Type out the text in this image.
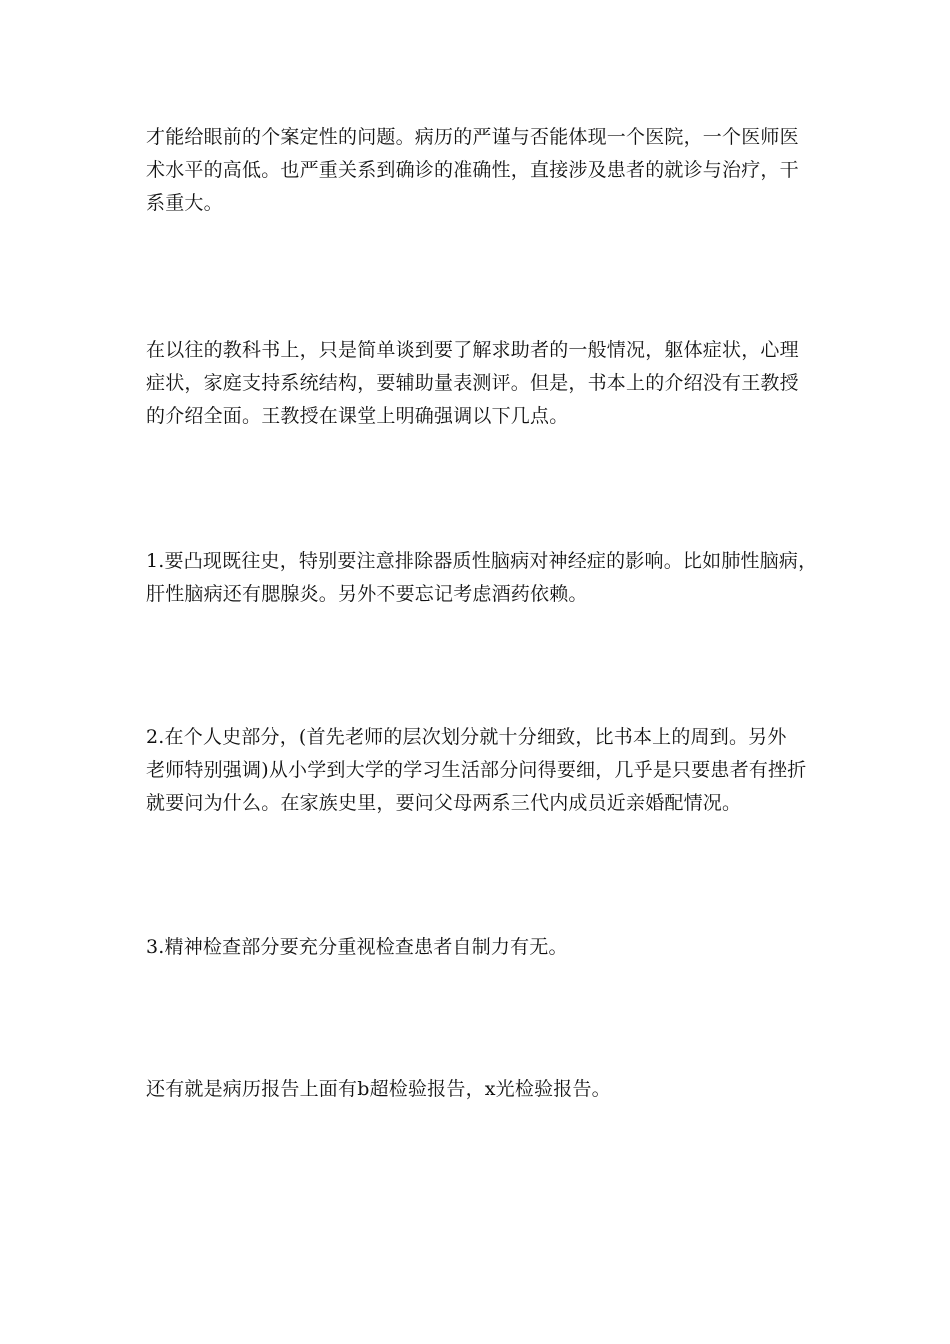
才能给眼前的个案定性的问题。病历的严谨与否能体现一个医院，一个医师医
术水平的高低。也严重关系到确诊的准确性，直接涉及患者的就诊与治疗，干
系重大。
在以往的教科书上，只是简单谈到要了解求助者的一般情况，躯体症状，心理
症状，家庭支持系统结构，要辅助量表测评。但是，书本上的介绍没有王教授
的介绍全面。王教授在课堂上明确强调以下几点。
1.要凸现既往史，特别要注意排除器质性脑病对神经症的影响。比如肺性脑病，
肝性脑病还有腮腺炎。另外不要忘记考虑酒药依赖。
2.在个人史部分，(首先老师的层次划分就十分细致，比书本上的周到。另外
老师特别强调)从小学到大学的学习生活部分问得要细，几乎是只要患者有挫折
就要问为什么。在家族史里，要问父母两系三代内成员近亲婚配情况。
3.精神检查部分要充分重视检查患者自制力有无。
还有就是病历报告上面有b超检验报告，x光检验报告。
